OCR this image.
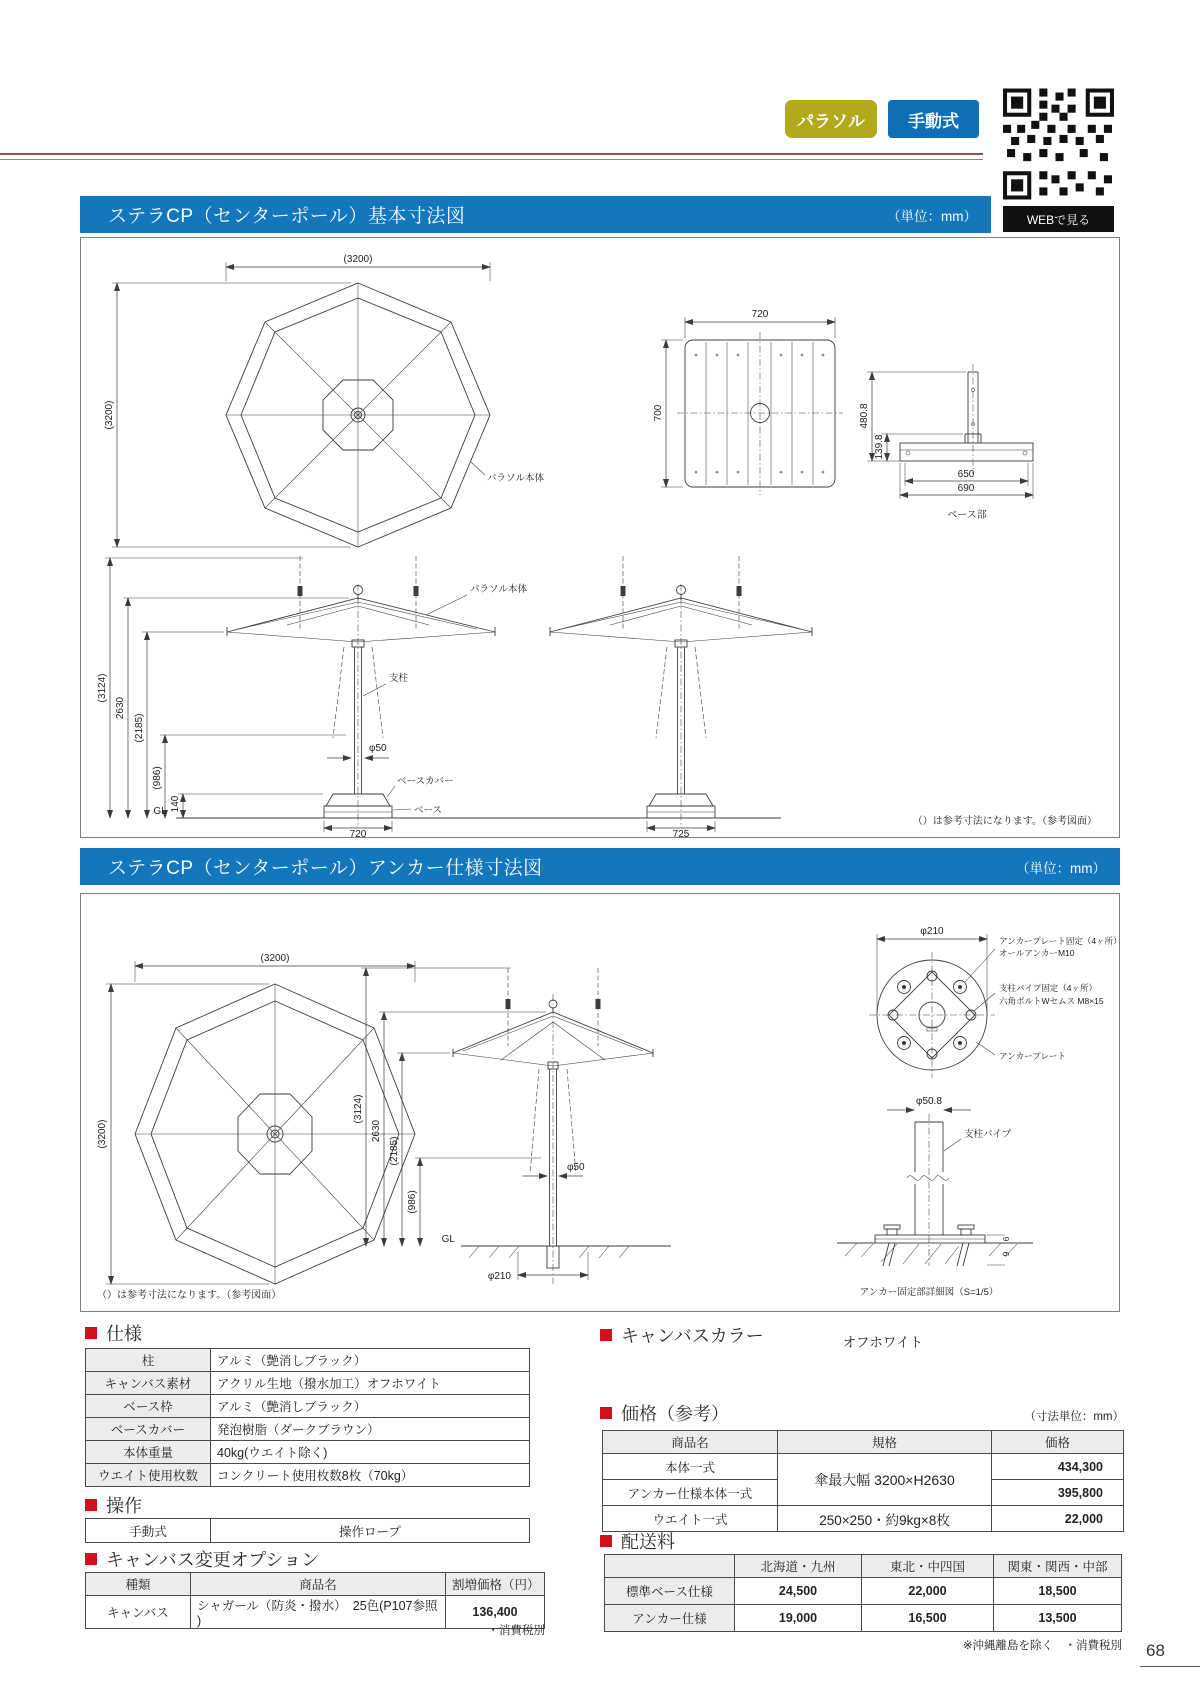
パラソル	手動式
WEBで見る
ステラCP（センターポール）基本寸法図	（単位：mm）
(3200)
(3200)
パラソル本体
720
700	480.8
139.8
650
690
ベース部
(3124)
2630
(2185)
(986)
140
GL
φ50
パラソル本体
支柱
ベースカバー
ベース
720	725
（）は参考寸法になります。（参考図面）
ステラCP（センターポール）アンカー仕様寸法図	（単位：mm）
(3200)
(3200)
(3124)
2630
(2185)
(986)
GL
φ50
φ210
φ210
アンカープレート固定（4ヶ所）
オールアンカーM10
支柱パイプ固定（4ヶ所）
六角ボルトWセムス M8×15
アンカープレート
φ50.8
支柱パイプ
6
9
アンカー固定部詳細図（S=1/5）
（）は参考寸法になります。（参考図面）
仕様
柱	アルミ（艶消しブラック）
キャンバス素材	アクリル生地（撥水加工）オフホワイト
ベース枠	アルミ（艶消しブラック）
ベースカバー	発泡樹脂（ダークブラウン）
本体重量	40kg(ウエイト除く)
ウエイト使用枚数	コンクリート使用枚数8枚（70kg）
操作
手動式	操作ロープ
キャンバス変更オプション
種類	商品名	割増価格（円）
キャンバス	シャガール（防炎・撥水）　25色(P107参照 )	136,400
・消費税別
キャンバスカラー	オフホワイト
価格（参考）	（寸法単位：mm）
商品名	規格	価格
本体一式	傘最大幅 3200×H2630	434,300
アンカー仕様本体一式		395,800
ウエイト一式	250×250・約9kg×8枚	22,000
配送料
	北海道・九州	東北・中四国	関東・関西・中部
標準ベース仕様	24,500	22,000	18,500
アンカー仕様	19,000	16,500	13,500
※沖縄離島を除く　・消費税別 68
